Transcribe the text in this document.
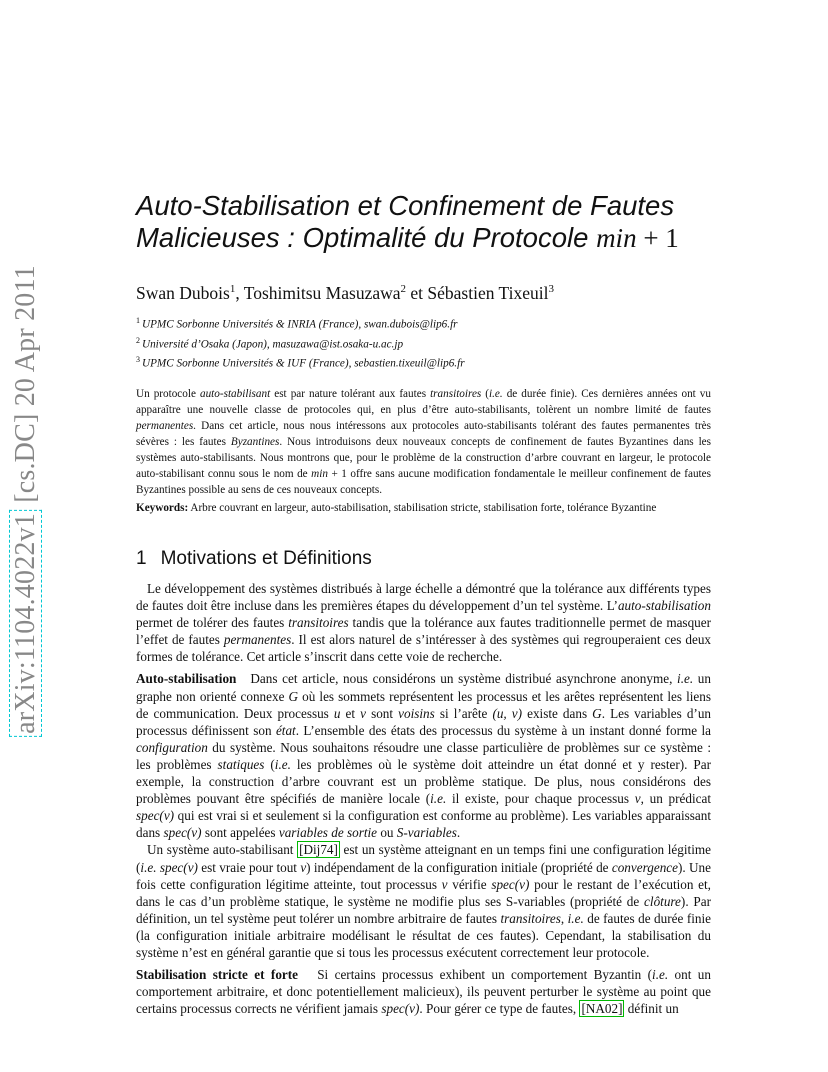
arXiv:1104.4022v1 [cs.DC] 20 Apr 2011
Auto-Stabilisation et Confinement de Fautes
Malicieuses : Optimalité du Protocole min + 1
Swan Dubois$^1$, Toshimitsu Masuzawa$^2$ et Sébastien Tixeuil$^3$
$^1$ UPMC Sorbonne Universités & INRIA (France), swan.dubois@lip6.fr
$^2$ Université d’Osaka (Japon), masuzawa@ist.osaka-u.ac.jp
$^3$ UPMC Sorbonne Universités & IUF (France), sebastien.tixeuil@lip6.fr
Un protocole auto-stabilisant est par nature tolérant aux fautes transitoires (i.e. de durée finie). Ces dernières années ont vu apparaître une nouvelle classe de protocoles qui, en plus d’être auto-stabilisants, tolèrent un nombre limité de fautes permanentes. Dans cet article, nous nous intéressons aux protocoles auto-stabilisants tolérant des fautes permanentes très sévères : les fautes Byzantines. Nous introduisons deux nouveaux concepts de confinement de fautes Byzantines dans les systèmes auto-stabilisants. Nous montrons que, pour le problème de la construction d’arbre couvrant en largeur, le protocole auto-stabilisant connu sous le nom de min + 1 offre sans aucune modification fondamentale le meilleur confinement de fautes Byzantines possible au sens de ces nouveaux concepts.
Keywords: Arbre couvrant en largeur, auto-stabilisation, stabilisation stricte, stabilisation forte, tolérance Byzantine
1 Motivations et Définitions

Le développement des systèmes distribués à large échelle a démontré que la tolérance aux différents types de fautes doit être incluse dans les premières étapes du développement d’un tel système. L’auto-stabilisation permet de tolérer des fautes transitoires tandis que la tolérance aux fautes traditionnelle permet de masquer l’effet de fautes permanentes. Il est alors naturel de s’intéresser à des systèmes qui regrouperaient ces deux formes de tolérance. Cet article s’inscrit dans cette voie de recherche.

Auto-stabilisation   Dans cet article, nous considérons un système distribué asynchrone anonyme, i.e. un graphe non orienté connexe G où les sommets représentent les processus et les arêtes représentent les liens de communication. Deux processus u et v sont voisins si l’arête (u, v) existe dans G. Les variables d’un processus définissent son état. L’ensemble des états des processus du système à un instant donné forme la configuration du système. Nous souhaitons résoudre une classe particulière de problèmes sur ce système : les problèmes statiques (i.e. les problèmes où le système doit atteindre un état donné et y rester). Par exemple, la construction d’arbre couvrant est un problème statique. De plus, nous considérons des problèmes pouvant être spécifiés de manière locale (i.e. il existe, pour chaque processus v, un prédicat spec(v) qui est vrai si et seulement si la configuration est conforme au problème). Les variables apparaissant dans spec(v) sont appelées variables de sortie ou S-variables.

Un système auto-stabilisant [Dij74] est un système atteignant en un temps fini une configuration légitime (i.e. spec(v) est vraie pour tout v) indépendament de la configuration initiale (propriété de convergence). Une fois cette configuration légitime atteinte, tout processus v vérifie spec(v) pour le restant de l’exécution et, dans le cas d’un problème statique, le système ne modifie plus ses S-variables (propriété de clôture). Par définition, un tel système peut tolérer un nombre arbitraire de fautes transitoires, i.e. de fautes de durée finie (la configuration initiale arbitraire modélisant le résultat de ces fautes). Cependant, la stabilisation du système n’est en général garantie que si tous les processus exécutent correctement leur protocole.

Stabilisation stricte et forte   Si certains processus exhibent un comportement Byzantin (i.e. ont un comportement arbitraire, et donc potentiellement malicieux), ils peuvent perturber le système au point que certains processus corrects ne vérifient jamais spec(v). Pour gérer ce type de fautes, [NA02] définit un
